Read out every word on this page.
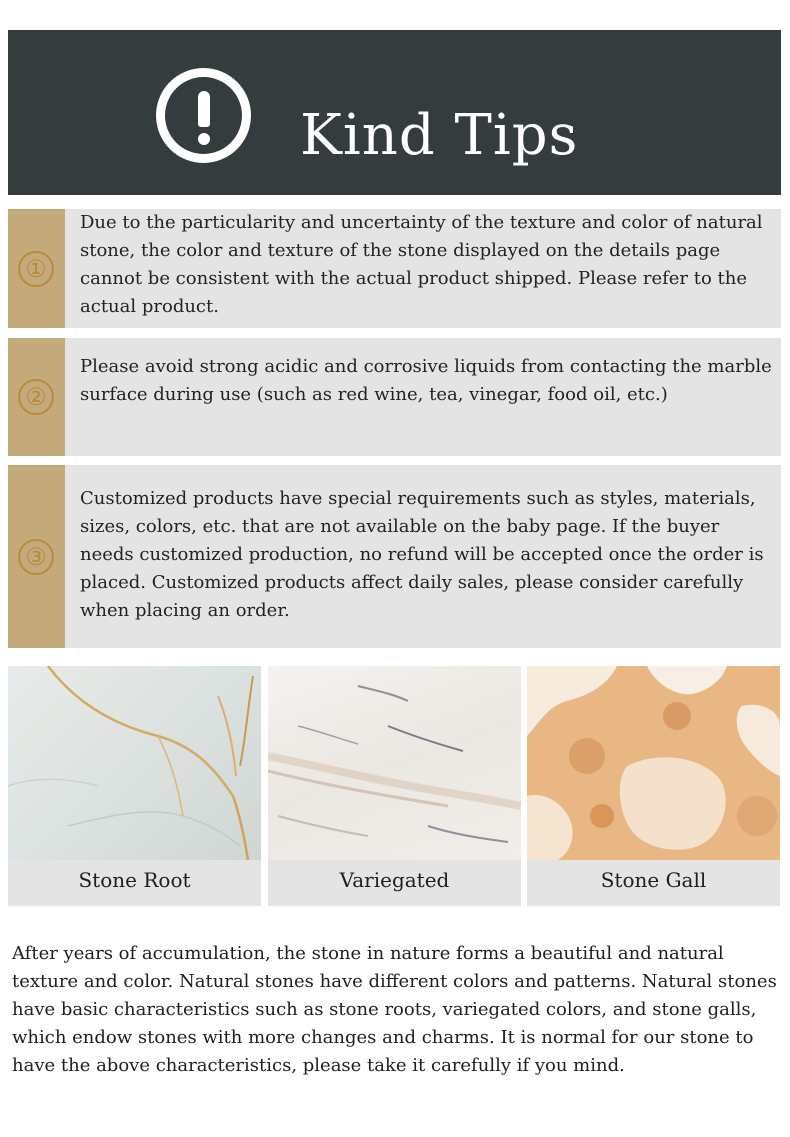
Kind Tips
①
Due to the particularity and uncertainty of the texture and color of natural stone, the color and texture of the stone displayed on the details page cannot be consistent with the actual product shipped. Please refer to the actual product.
②
Please avoid strong acidic and corrosive liquids from contacting the marble surface during use (such as red wine, tea, vinegar, food oil, etc.)
③
Customized products have special requirements such as styles, materials, sizes, colors, etc. that are not available on the baby page. If the buyer needs customized production, no refund will be accepted once the order is placed. Customized products affect daily sales, please consider carefully when placing an order.
Stone Root	Variegated	Stone Gall
After years of accumulation, the stone in nature forms a beautiful and natural texture and color. Natural stones have different colors and patterns. Natural stones have basic characteristics such as stone roots, variegated colors, and stone galls, which endow stones with more changes and charms. It is normal for our stone to have the above characteristics, please take it carefully if you mind.
